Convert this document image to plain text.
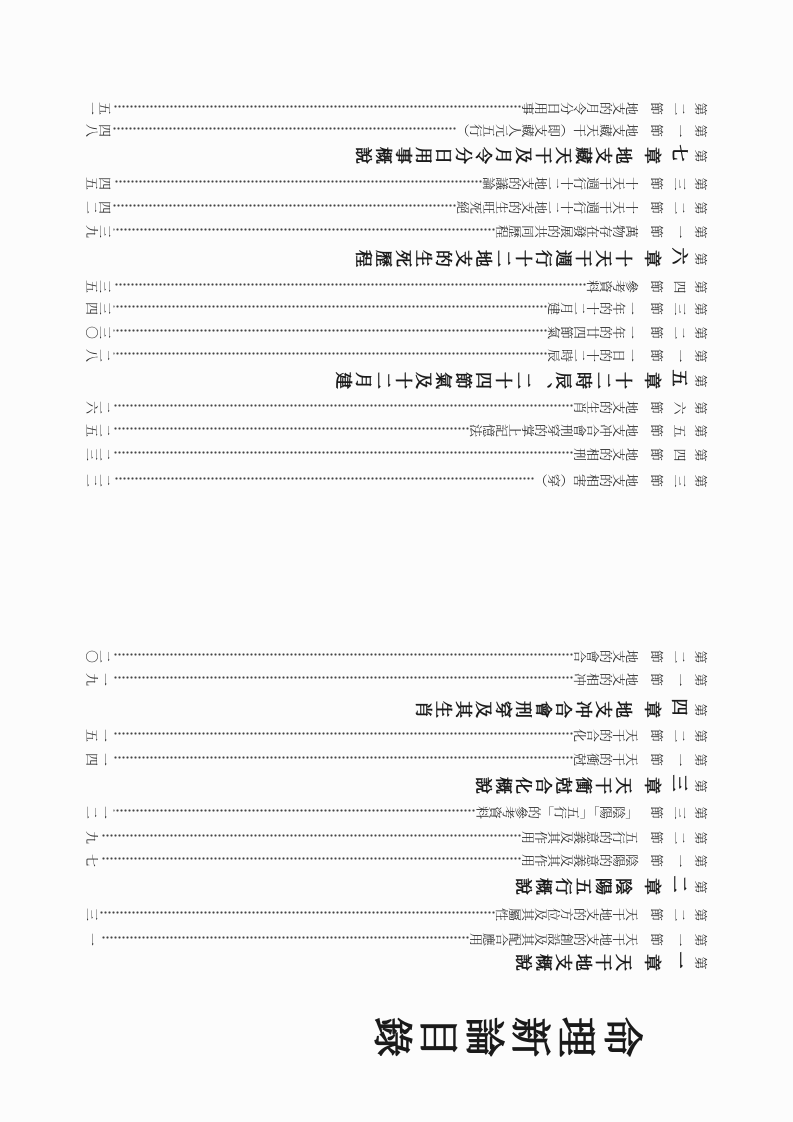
命
理
新
論
目
錄
第
一
章
天干地支概說
第
一
節
天干地支的創設及其配合應用
一
第
二
節
天干地支的方位及其屬性
三
第
二
章
陰陽五行概說
第
一
節
陰陽的意義及其作用
七
第
二
節
五行的意義及其作用
九
第
三
節
「陰陽」「五行」的參考資料
一二
第
三
章
天干衝尅合化概說
第
一
節
天干的衝尅
一四
第
二
節
天干的合化
一五
第
四
章
地支冲合會刑穿及其生肖
第
一
節
地支的相冲
一九
第
二
節
地支的會合
二〇
第
三
節
地支的相害（穿）
二二
第
四
節
地支的相刑
二三
第
五
節
地支冲合會刑穿的掌上記憶法
二五
第
六
節
地支的生肖
二六
第
五
章
十二時辰、二十四節氣及十二月建
第
一
節
一日的十二時辰
二八
第
二
節
一年的廿四節氣
三〇
第
三
節
一年的十二月建
三四
第
四
節
參考資料
三五
第
六
章
十天干週行十二地支的生死歷程
第
一
節
萬物存在發展的共同歷程
三九
第
二
節
十天干週行十二地支的生旺死絕
四二
第
三
節
十天干週行十二地支的議論
四五
第
七
章
地支藏天干及月令分日用事概說
第
一
節
地支藏天干（即支藏人元五行）
四八
第
二
節
地支的月令分日用事
五一
